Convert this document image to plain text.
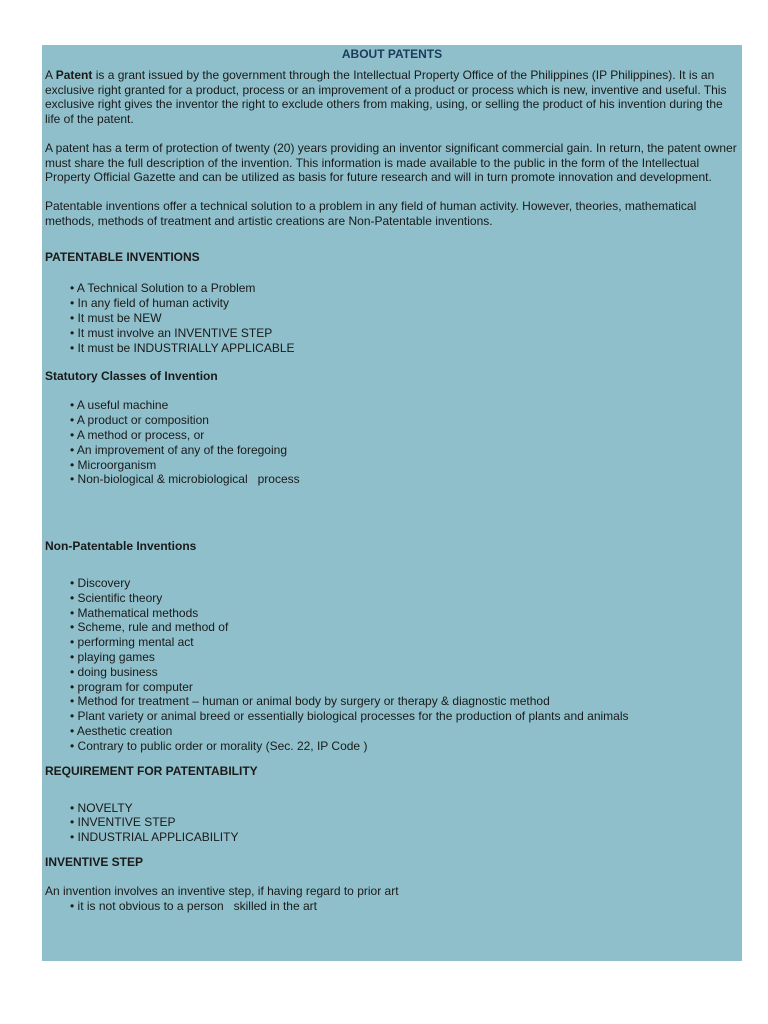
ABOUT PATENTS
A Patent is a grant issued by the government through the Intellectual Property Office of the Philippines (IP Philippines). It is an exclusive right granted for a product, process or an improvement of a product or process which is new, inventive and useful. This exclusive right gives the inventor the right to exclude others from making, using, or selling the product of his invention during the life of the patent.
A patent has a term of protection of twenty (20) years providing an inventor significant commercial gain. In return, the patent owner must share the full description of the invention. This information is made available to the public in the form of the Intellectual Property Official Gazette and can be utilized as basis for future research and will in turn promote innovation and development.
Patentable inventions offer a technical solution to a problem in any field of human activity. However, theories, mathematical methods, methods of treatment and artistic creations are Non-Patentable inventions.
PATENTABLE INVENTIONS
• A Technical Solution to a Problem
• In any field of human activity
• It must be NEW
• It must involve an INVENTIVE STEP
• It must be INDUSTRIALLY APPLICABLE
Statutory Classes of Invention
• A useful machine
• A product or composition
• A method or process, or
• An improvement of any of the foregoing
• Microorganism
• Non-biological & microbiological   process
Non-Patentable Inventions
• Discovery
• Scientific theory
• Mathematical methods
• Scheme, rule and method of
• performing mental act
• playing games
• doing business
• program for computer
• Method for treatment – human or animal body by surgery or therapy & diagnostic method
• Plant variety or animal breed or essentially biological processes for the production of plants and animals
• Aesthetic creation
• Contrary to public order or morality (Sec. 22, IP Code )
REQUIREMENT FOR PATENTABILITY
• NOVELTY
• INVENTIVE STEP
• INDUSTRIAL APPLICABILITY
INVENTIVE STEP
An invention involves an inventive step, if having regard to prior art
• it is not obvious to a person   skilled in the art
